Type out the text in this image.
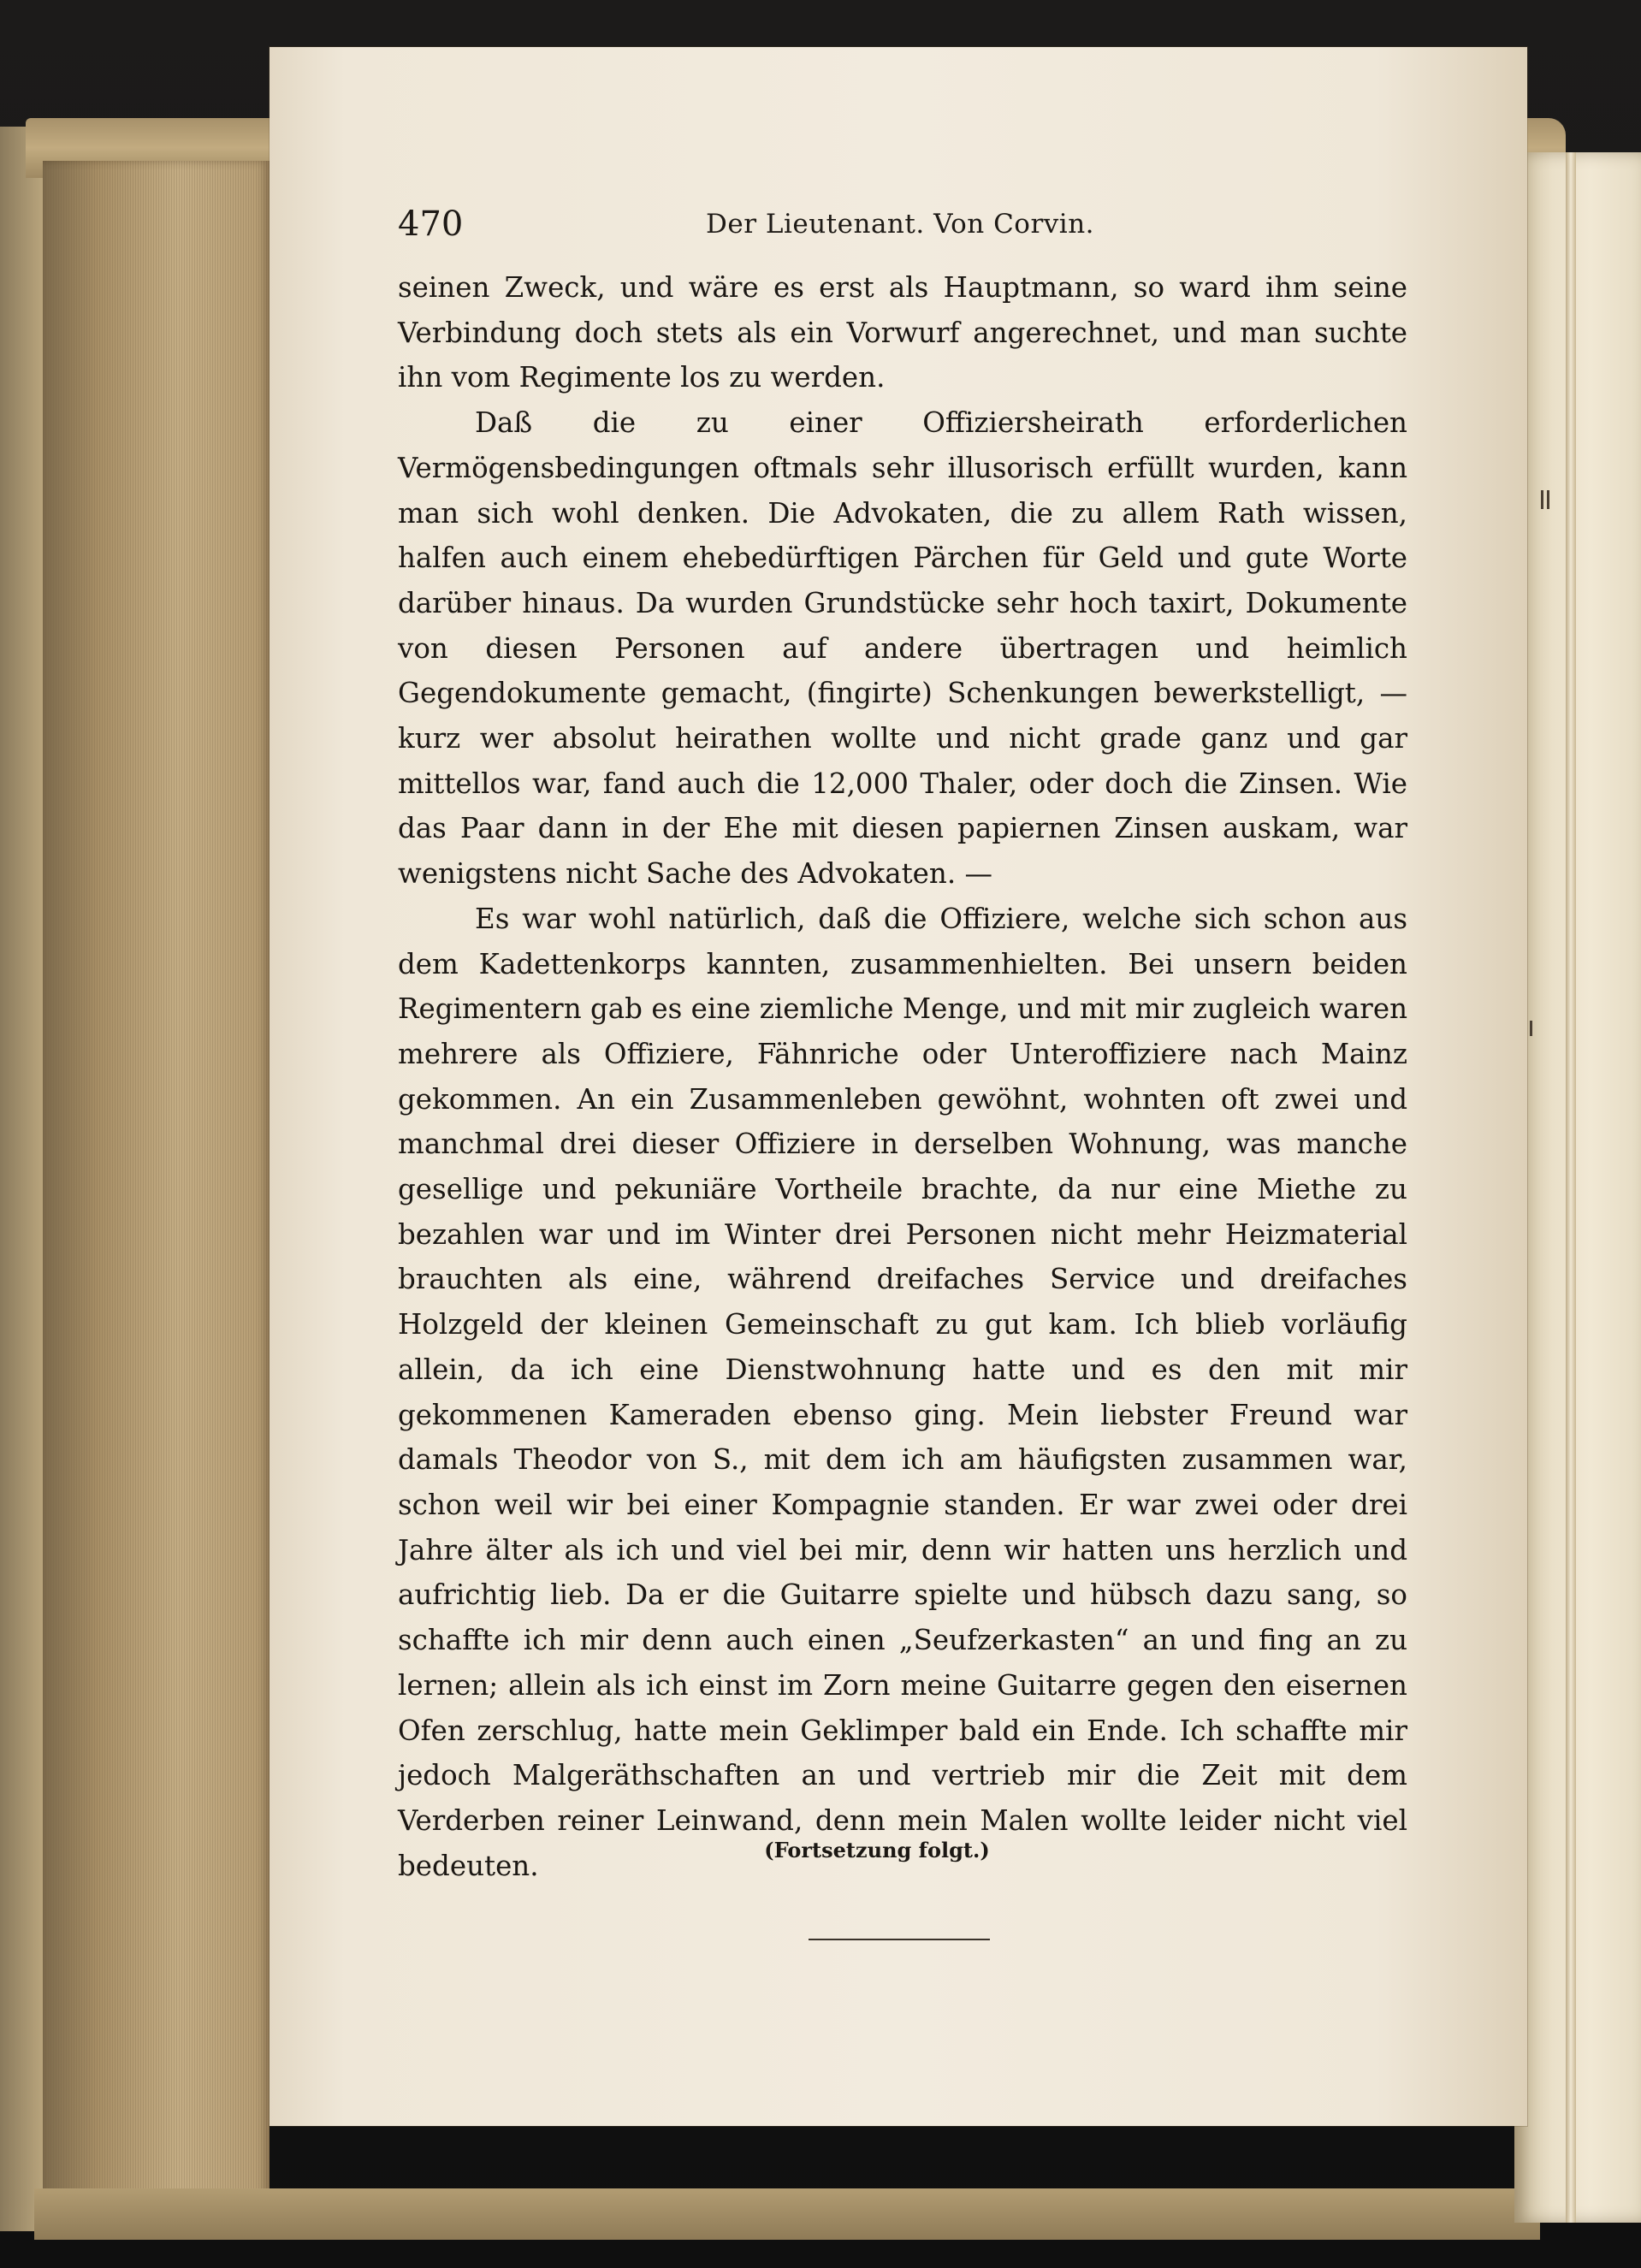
470	Der Lieutenant. Von Corvin.

seinen Zweck, und wäre es erst als Hauptmann, so ward ihm seine Verbindung doch stets als ein Vorwurf angerechnet, und man suchte ihn vom Regimente los zu werden.

Daß die zu einer Offiziersheirath erforderlichen Vermögensbedingungen oftmals sehr illusorisch erfüllt wurden, kann man sich wohl denken. Die Advokaten, die zu allem Rath wissen, halfen auch einem ehebedürftigen Pärchen für Geld und gute Worte darüber hinaus. Da wurden Grundstücke sehr hoch taxirt, Dokumente von diesen Personen auf andere übertragen und heimlich Gegendokumente gemacht, (fingirte) Schenkungen bewerkstelligt, — kurz wer absolut heirathen wollte und nicht grade ganz und gar mittellos war, fand auch die 12,000 Thaler, oder doch die Zinsen. Wie das Paar dann in der Ehe mit diesen papiernen Zinsen auskam, war wenigstens nicht Sache des Advokaten. —

Es war wohl natürlich, daß die Offiziere, welche sich schon aus dem Kadettenkorps kannten, zusammenhielten. Bei unsern beiden Regimentern gab es eine ziemliche Menge, und mit mir zugleich waren mehrere als Offiziere, Fähnriche oder Unteroffiziere nach Mainz gekommen. An ein Zusammenleben gewöhnt, wohnten oft zwei und manchmal drei dieser Offiziere in derselben Wohnung, was manche gesellige und pekuniäre Vortheile brachte, da nur eine Miethe zu bezahlen war und im Winter drei Personen nicht mehr Heizmaterial brauchten als eine, während dreifaches Service und dreifaches Holzgeld der kleinen Gemeinschaft zu gut kam. Ich blieb vorläufig allein, da ich eine Dienstwohnung hatte und es den mit mir gekommenen Kameraden ebenso ging. Mein liebster Freund war damals Theodor von S., mit dem ich am häufigsten zusammen war, schon weil wir bei einer Kompagnie standen. Er war zwei oder drei Jahre älter als ich und viel bei mir, denn wir hatten uns herzlich und aufrichtig lieb. Da er die Guitarre spielte und hübsch dazu sang, so schaffte ich mir denn auch einen „Seufzerkasten“ an und fing an zu lernen; allein als ich einst im Zorn meine Guitarre gegen den eisernen Ofen zerschlug, hatte mein Geklimper bald ein Ende. Ich schaffte mir jedoch Malgeräthschaften an und vertrieb mir die Zeit mit dem Verderben reiner Leinwand, denn mein Malen wollte leider nicht viel bedeuten.	(Fortsetzung folgt.)
